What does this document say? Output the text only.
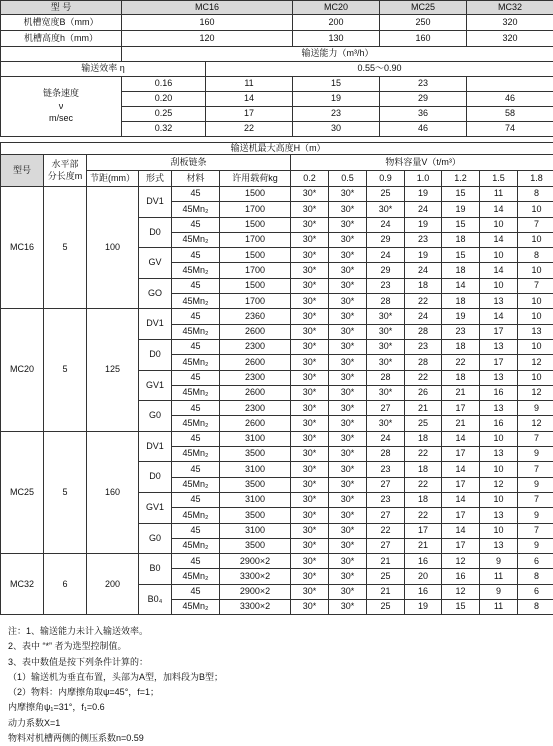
型 号	MC16		MC20	MC25	MC32
机槽宽度B（mm）	160		200	250	320
机槽高度h（mm）	120		130	160	320
	输送能力（m³/h）				
输送效率 η		0.55～0.90			

链条速度
ν
m/sec	0.16	11	15	23	
	0.20	14	19	29	46
	0.25	17	23	36	58
	0.32	22	30	46	74
输送机最大高度H（m）												
型号	水平部
分长度m	刮板链条				物料容量V（t/m³）						
		节距(mm）	形式	材料	许用载荷kg	0.2	0.5	0.9	1.0	1.2	1.5	1.8
MC16	5	100	DV1	45	1500	30*	30*	25	19	15	11	8
				45Mn₂	1700	30*	30*	30*	24	19	14	10
			D0	45	1500	30*	30*	24	19	15	10	7
				45Mn₂	1700	30*	30*	29	23	18	14	10
			GV	45	1500	30*	30*	24	19	15	10	8
				45Mn₂	1700	30*	30*	29	24	18	14	10
			GO	45	1500	30*	30*	23	18	14	10	7
				45Mn₂	1700	30*	30*	28	22	18	13	10
MC20	5	125	DV1	45	2360	30*	30*	30*	24	19	14	10
				45Mn₂	2600	30*	30*	30*	28	23	17	13
			D0	45	2300	30*	30*	30*	23	18	13	10
				45Mn₂	2600	30*	30*	30*	28	22	17	12
			GV1	45	2300	30*	30*	28	22	18	13	10
				45Mn₂	2600	30*	30*	30*	26	21	16	12
			G0	45	2300	30*	30*	27	21	17	13	9
				45Mn₂	2600	30*	30*	30*	25	21	16	12
MC25	5	160	DV1	45	3100	30*	30*	24	18	14	10	7
				45Mn₂	3500	30*	30*	28	22	17	13	9
			D0	45	3100	30*	30*	23	18	14	10	7
				45Mn₂	3500	30*	30*	27	22	17	12	9
			GV1	45	3100	30*	30*	23	18	14	10	7
				45Mn₂	3500	30*	30*	27	22	17	13	9
			G0	45	3100	30*	30*	22	17	14	10	7
				45Mn₂	3500	30*	30*	27	21	17	13	9
MC32	6	200	B0	45	2900×2	30*	30*	21	16	12	9	6
				45Mn₂	3300×2	30*	30*	25	20	16	11	8
			B0₄	45	2900×2	30*	30*	21	16	12	9	6
				45Mn₂	3300×2	30*	30*	25	19	15	11	8
注：1、输送能力未计入输送效率。
2、表中 “*” 者为选型控制值。
3、表中数值是按下列条件计算的：
（1）输送机为垂直布置，头部为A型，加料段为B型；
（2）物料：内摩擦角取ψ=45°，f=1；
内摩擦角ψ₁=31°，f₁=0.6
动力系数X=1
物料对机槽两侧的侧压系数n=0.59
